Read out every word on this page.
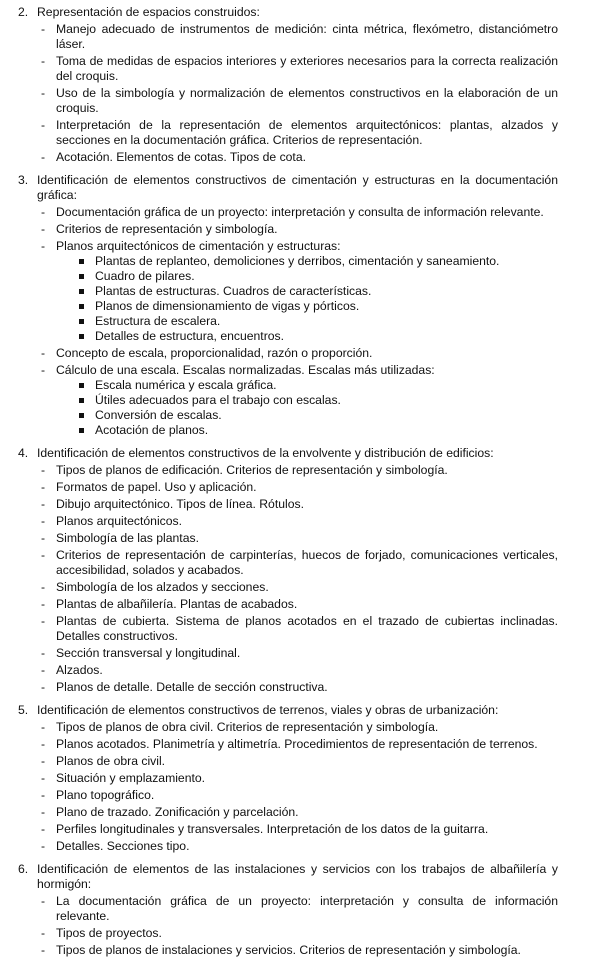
2. Representación de espacios construidos:
- Manejo adecuado de instrumentos de medición: cinta métrica, flexómetro, distanciómetro láser.
- Toma de medidas de espacios interiores y exteriores necesarios para la correcta realización del croquis.
- Uso de la simbología y normalización de elementos constructivos en la elaboración de un croquis.
- Interpretación de la representación de elementos arquitectónicos: plantas, alzados y secciones en la documentación gráfica. Criterios de representación.
- Acotación. Elementos de cotas. Tipos de cota.
3. Identificación de elementos constructivos de cimentación y estructuras en la documentación gráfica:
- Documentación gráfica de un proyecto: interpretación y consulta de información relevante.
- Criterios de representación y simbología.
- Planos arquitectónicos de cimentación y estructuras:
Plantas de replanteo, demoliciones y derribos, cimentación y saneamiento.
Cuadro de pilares.
Plantas de estructuras. Cuadros de características.
Planos de dimensionamiento de vigas y pórticos.
Estructura de escalera.
Detalles de estructura, encuentros.
- Concepto de escala, proporcionalidad, razón o proporción.
- Cálculo de una escala. Escalas normalizadas. Escalas más utilizadas:
Escala numérica y escala gráfica.
Útiles adecuados para el trabajo con escalas.
Conversión de escalas.
Acotación de planos.
4. Identificación de elementos constructivos de la envolvente y distribución de edificios:
- Tipos de planos de edificación. Criterios de representación y simbología.
- Formatos de papel. Uso y aplicación.
- Dibujo arquitectónico. Tipos de línea. Rótulos.
- Planos arquitectónicos.
- Simbología de las plantas.
- Criterios de representación de carpinterías, huecos de forjado, comunicaciones verticales, accesibilidad, solados y acabados.
- Simbología de los alzados y secciones.
- Plantas de albañilería. Plantas de acabados.
- Plantas de cubierta. Sistema de planos acotados en el trazado de cubiertas inclinadas. Detalles constructivos.
- Sección transversal y longitudinal.
- Alzados.
- Planos de detalle. Detalle de sección constructiva.
5. Identificación de elementos constructivos de terrenos, viales y obras de urbanización:
- Tipos de planos de obra civil. Criterios de representación y simbología.
- Planos acotados. Planimetría y altimetría. Procedimientos de representación de terrenos.
- Planos de obra civil.
- Situación y emplazamiento.
- Plano topográfico.
- Plano de trazado. Zonificación y parcelación.
- Perfiles longitudinales y transversales. Interpretación de los datos de la guitarra.
- Detalles. Secciones tipo.
6. Identificación de elementos de las instalaciones y servicios con los trabajos de albañilería y hormigón:
- La documentación gráfica de un proyecto: interpretación y consulta de información relevante.
- Tipos de proyectos.
- Tipos de planos de instalaciones y servicios. Criterios de representación y simbología.
